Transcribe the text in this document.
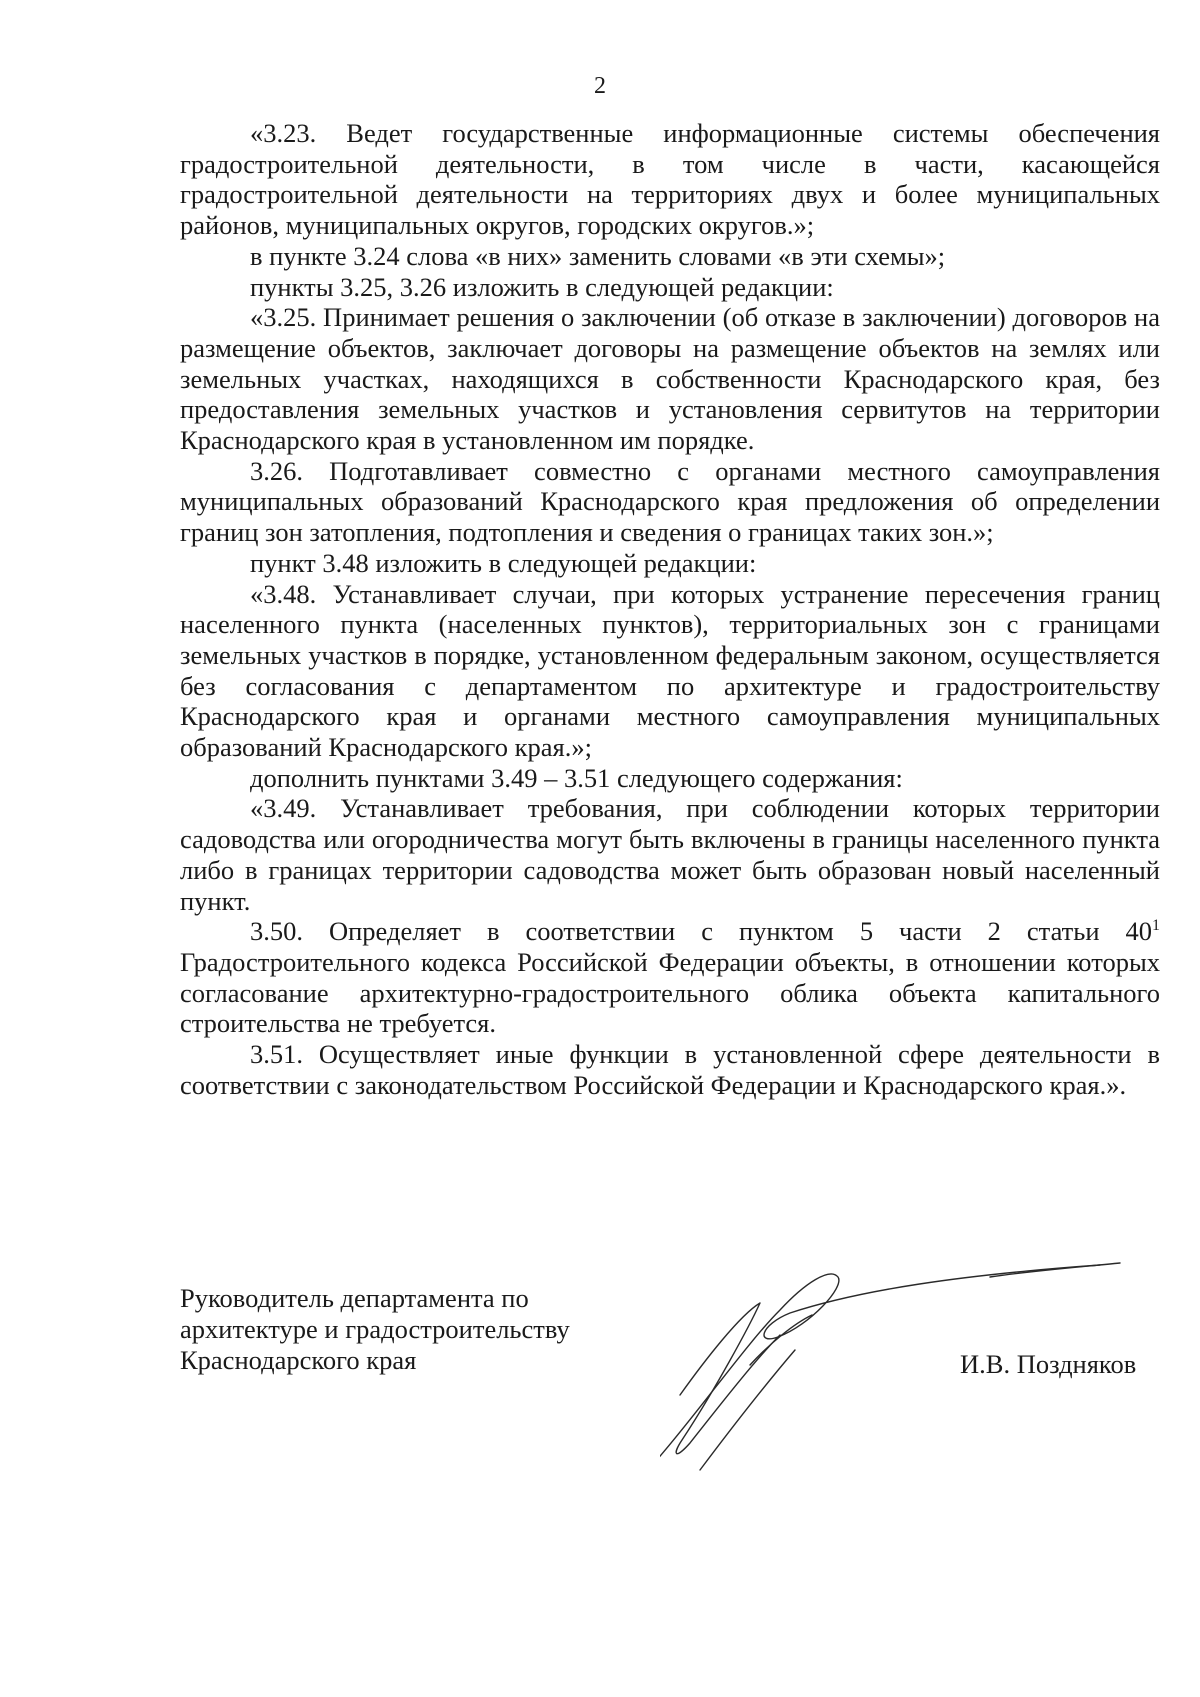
2

«3.23. Ведет государственные информационные системы обеспечения градостроительной деятельности, в том числе в части, касающейся градостроительной деятельности на территориях двух и более муниципальных районов, муниципальных округов, городских округов.»;

в пункте 3.24 слова «в них» заменить словами «в эти схемы»;

пункты 3.25, 3.26 изложить в следующей редакции:

«3.25. Принимает решения о заключении (об отказе в заключении) договоров на размещение объектов, заключает договоры на размещение объектов на землях или земельных участках, находящихся в собственности Краснодарского края, без предоставления земельных участков и установления сервитутов на территории Краснодарского края в установленном им порядке.

3.26. Подготавливает совместно с органами местного самоуправления муниципальных образований Краснодарского края предложения об определении границ зон затопления, подтопления и сведения о границах таких зон.»;

пункт 3.48 изложить в следующей редакции:

«3.48. Устанавливает случаи, при которых устранение пересечения границ населенного пункта (населенных пунктов), территориальных зон с границами земельных участков в порядке, установленном федеральным законом, осуществляется без согласования с департаментом по архитектуре и градостроительству Краснодарского края и органами местного самоуправления муниципальных образований Краснодарского края.»;

дополнить пунктами 3.49 – 3.51 следующего содержания:

«3.49. Устанавливает требования, при соблюдении которых территории садоводства или огородничества могут быть включены в границы населенного пункта либо в границах территории садоводства может быть образован новый населенный пункт.

3.50. Определяет в соответствии с пунктом 5 части 2 статьи $40^1$ Градостроительного кодекса Российской Федерации объекты, в отношении которых согласование архитектурно-градостроительного облика объекта капитального строительства не требуется.

3.51. Осуществляет иные функции в установленной сфере деятельности в соответствии с законодательством Российской Федерации и Краснодарского края.».

Руководитель департамента по
архитектуре и градостроительству
Краснодарского края	И.В. Поздняков
